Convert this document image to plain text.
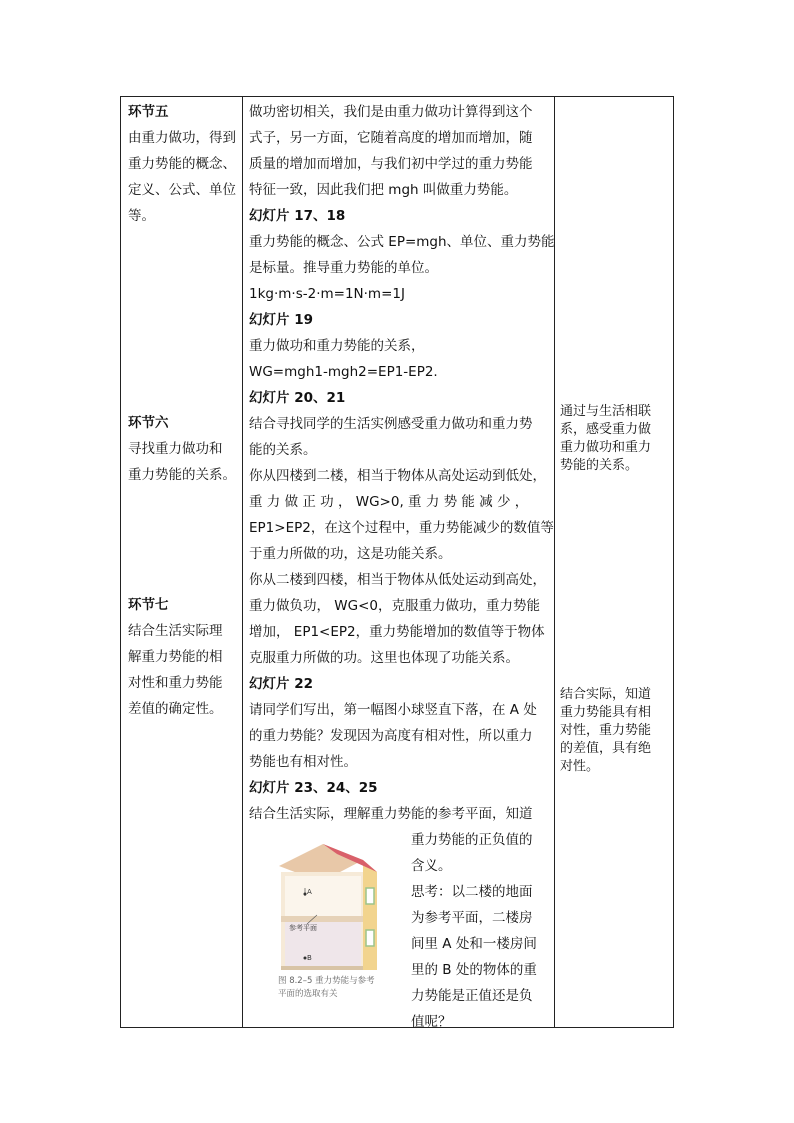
环节五
由重力做功，得到
重力势能的概念、
定义、公式、单位
等。
环节六
寻找重力做功和
重力势能的关系。
环节七
结合生活实际理
解重力势能的相
对性和重力势能
差值的确定性。
做功密切相关，我们是由重力做功计算得到这个
式子，另一方面，它随着高度的增加而增加，随
质量的增加而增加，与我们初中学过的重力势能
特征一致，因此我们把 mgh 叫做重力势能。
幻灯片 17、18
重力势能的概念、公式 EP=mgh、单位、重力势能
是标量。推导重力势能的单位。
1kg·m·s-2·m=1N·m=1J
幻灯片 19
重力做功和重力势能的关系，
WG=mgh1-mgh2=EP1-EP2.
幻灯片 20、21
结合寻找同学的生活实例感受重力做功和重力势
能的关系。
你从四楼到二楼，相当于物体从高处运动到低处，
重 力 做 正 功 ， WG>0, 重 力 势 能 减 少 ，
EP1>EP2，在这个过程中，重力势能减少的数值等
于重力所做的功，这是功能关系。
你从二楼到四楼，相当于物体从低处运动到高处，
重力做负功， WG<0，克服重力做功，重力势能
增加， EP1<EP2，重力势能增加的数值等于物体
克服重力所做的功。这里也体现了功能关系。
幻灯片 22
请同学们写出，第一幅图小球竖直下落，在 A 处
的重力势能？发现因为高度有相对性，所以重力
势能也有相对性。
幻灯片 23、24、25
结合生活实际，理解重力势能的参考平面，知道
A
B
参考平面
图 8.2–5 重力势能与参考
平面的选取有关
重力势能的正负值的
含义。
思考：以二楼的地面
为参考平面，二楼房
间里 A 处和一楼房间
里的 B 处的物体的重
力势能是正值还是负
值呢？
通过与生活相联
系，感受重力做
重力做功和重力
势能的关系。
结合实际，知道
重力势能具有相
对性，重力势能
的差值，具有绝
对性。
